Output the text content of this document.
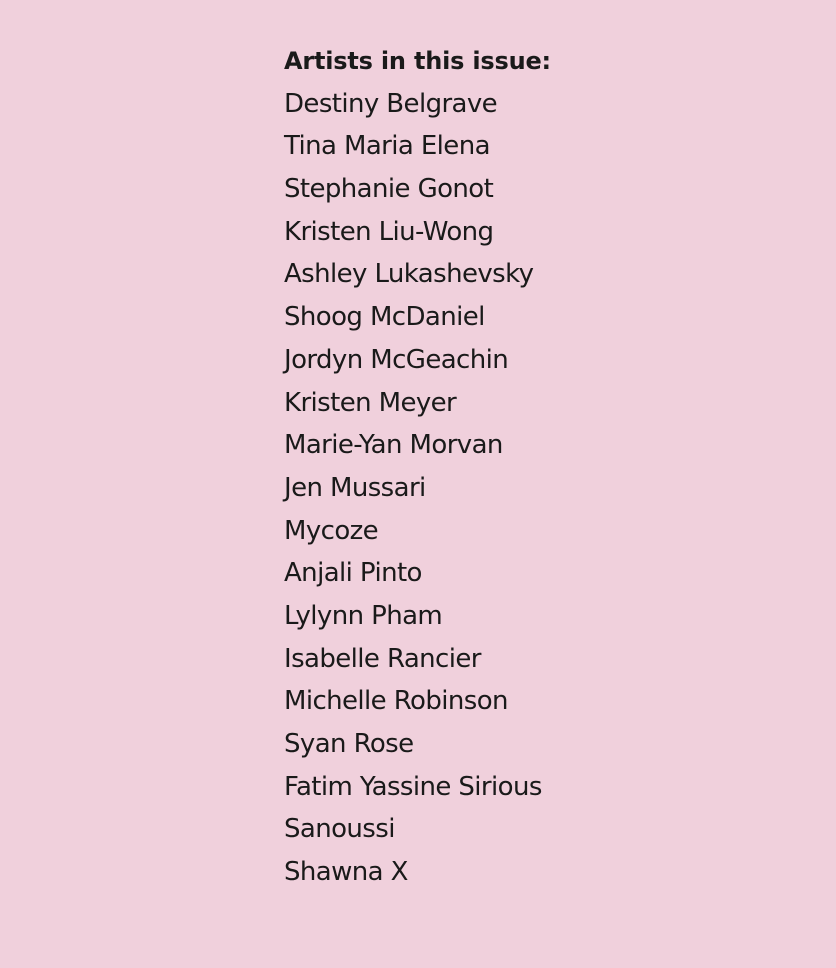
Artists in this issue:
Destiny Belgrave
Tina Maria Elena
Stephanie Gonot
Kristen Liu-Wong
Ashley Lukashevsky
Shoog McDaniel
Jordyn McGeachin
Kristen Meyer
Marie-Yan Morvan
Jen Mussari
Mycoze
Anjali Pinto
Lylynn Pham
Isabelle Rancier
Michelle Robinson
Syan Rose
Fatim Yassine Sirious
Sanoussi
Shawna X
